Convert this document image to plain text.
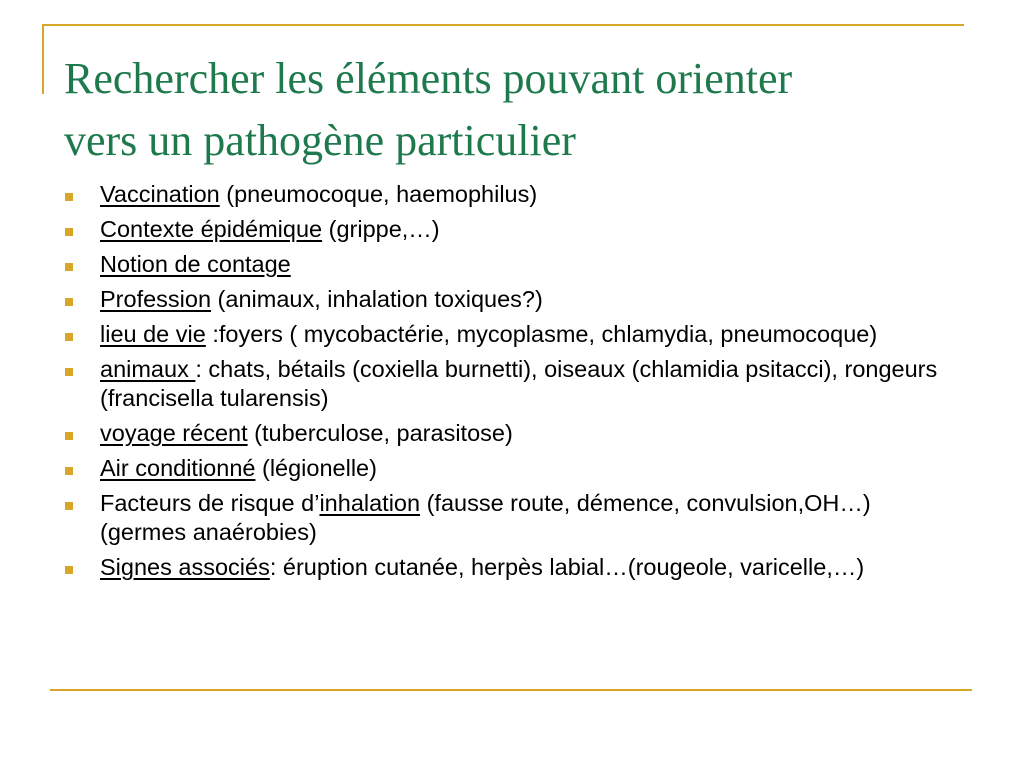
Rechercher les éléments pouvant orienter
vers un pathogène particulier
Vaccination (pneumocoque, haemophilus)
Contexte épidémique (grippe,…)
Notion de contage
Profession (animaux, inhalation toxiques?)
lieu de vie :foyers ( mycobactérie, mycoplasme, chlamydia, pneumocoque)
animaux : chats, bétails (coxiella burnetti), oiseaux (chlamidia psitacci), rongeurs (francisella tularensis)
voyage récent (tuberculose, parasitose)
Air conditionné (légionelle)
Facteurs de risque d’inhalation (fausse route, démence, convulsion,OH…) (germes anaérobies)
Signes associés: éruption cutanée, herpès labial…(rougeole, varicelle,…)
